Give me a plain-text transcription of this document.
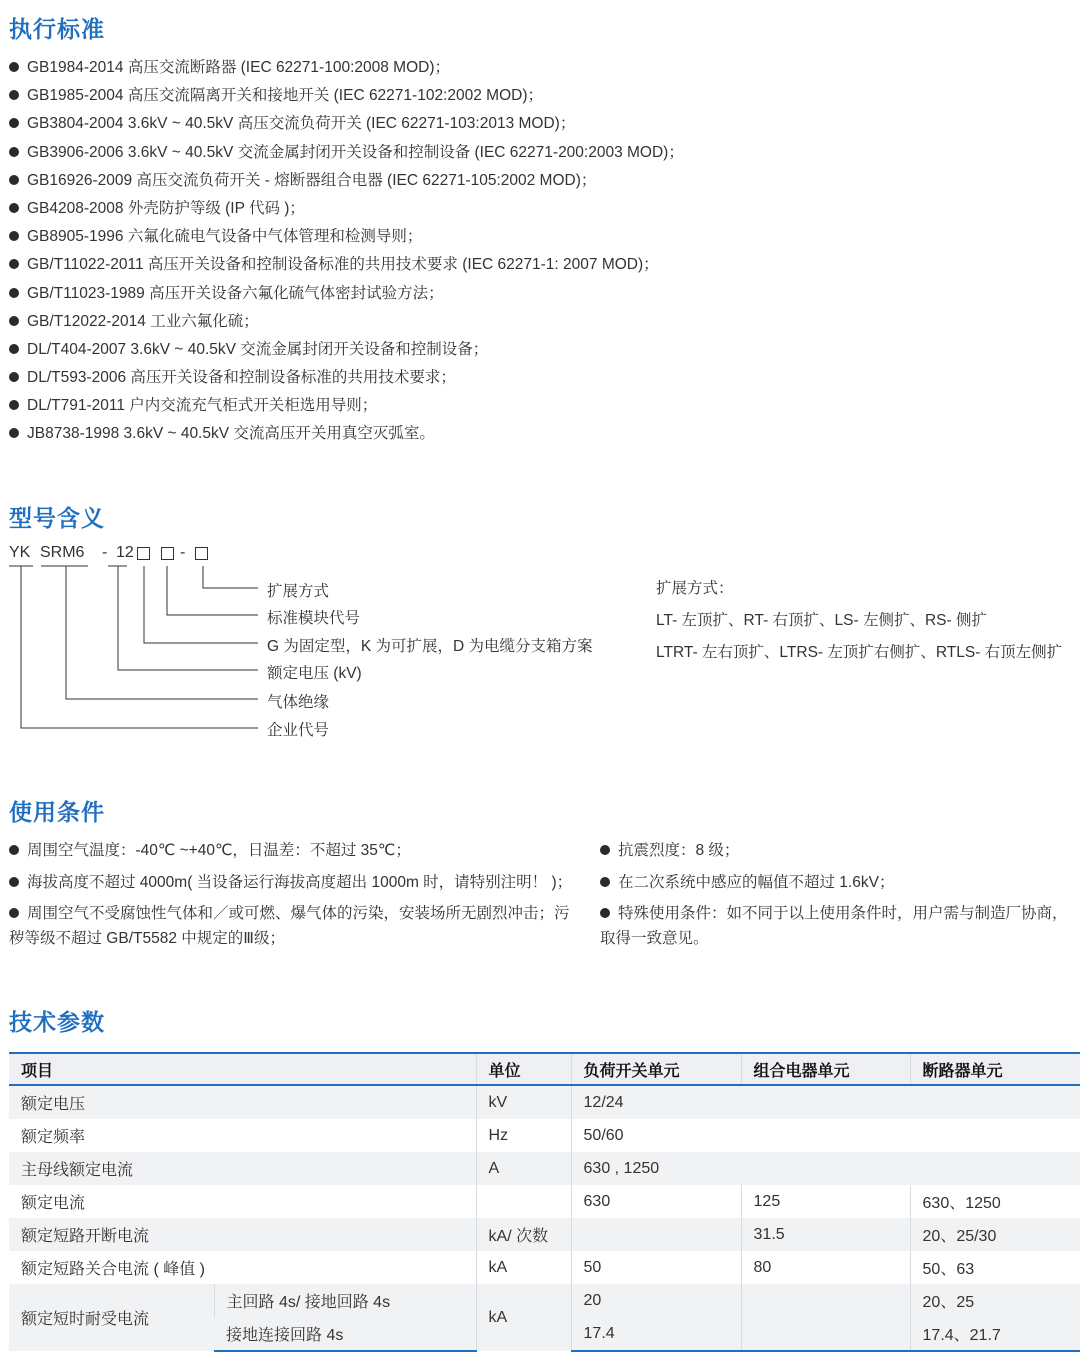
执行标准
GB1984-2014 高压交流断路器 (IEC 62271-100:2008 MOD)；
GB1985-2004 高压交流隔离开关和接地开关 (IEC 62271-102:2002 MOD)；
GB3804-2004 3.6kV ~ 40.5kV 高压交流负荷开关 (IEC 62271-103:2013 MOD)；
GB3906-2006 3.6kV ~ 40.5kV 交流金属封闭开关设备和控制设备 (IEC 62271-200:2003 MOD)；
GB16926-2009 高压交流负荷开关 - 熔断器组合电器 (IEC 62271-105:2002 MOD)；
GB4208-2008 外壳防护等级 (IP 代码 )；
GB8905-1996 六氟化硫电气设备中气体管理和检测导则；
GB/T11022-2011 高压开关设备和控制设备标准的共用技术要求 (IEC 62271-1: 2007 MOD)；
GB/T11023-1989 高压开关设备六氟化硫气体密封试验方法；
GB/T12022-2014 工业六氟化硫；
DL/T404-2007 3.6kV ~ 40.5kV 交流金属封闭开关设备和控制设备；
DL/T593-2006 高压开关设备和控制设备标准的共用技术要求；
DL/T791-2011 户内交流充气柜式开关柜选用导则；
JB8738-1998 3.6kV ~ 40.5kV 交流高压开关用真空灭弧室。
型号含义
YK SRM6 - 12	-
扩展方式
标准模块代号
G 为固定型，K 为可扩展，D 为电缆分支箱方案
额定电压 (kV)
气体绝缘
企业代号
扩展方式：
LT- 左顶扩、RT- 右顶扩、LS- 左侧扩、RS- 侧扩
LTRT- 左右顶扩、LTRS- 左顶扩右侧扩、RTLS- 右顶左侧扩
使用条件
周围空气温度：-40℃ ~+40℃，日温差：不超过 35℃；
海拔高度不超过 4000m( 当设备运行海拔高度超出 1000m 时，请特别注明！ )；
周围空气不受腐蚀性气体和／或可燃、爆气体的污染，安装场所无剧烈冲击；污秽等级不超过 GB/T5582 中规定的Ⅲ级；
抗震烈度：8 级；
在二次系统中感应的幅值不超过 1.6kV；
特殊使用条件：如不同于以上使用条件时，用户需与制造厂协商，取得一致意见。
技术参数
项目		单位	负荷开关单元	组合电器单元	断路器单元
额定电压		kV	12/24		
额定频率		Hz	50/60		
主母线额定电流		A	630 , 1250		
额定电流			630	125	630、1250
额定短路开断电流		kA/ 次数		31.5	20、25/30
额定短路关合电流 ( 峰值 )		kA	50	80	50、63
额定短时耐受电流	主回路 4s/ 接地回路 4s	kA	20		20、25
	接地连接回路 4s		17.4		17.4、21.7
